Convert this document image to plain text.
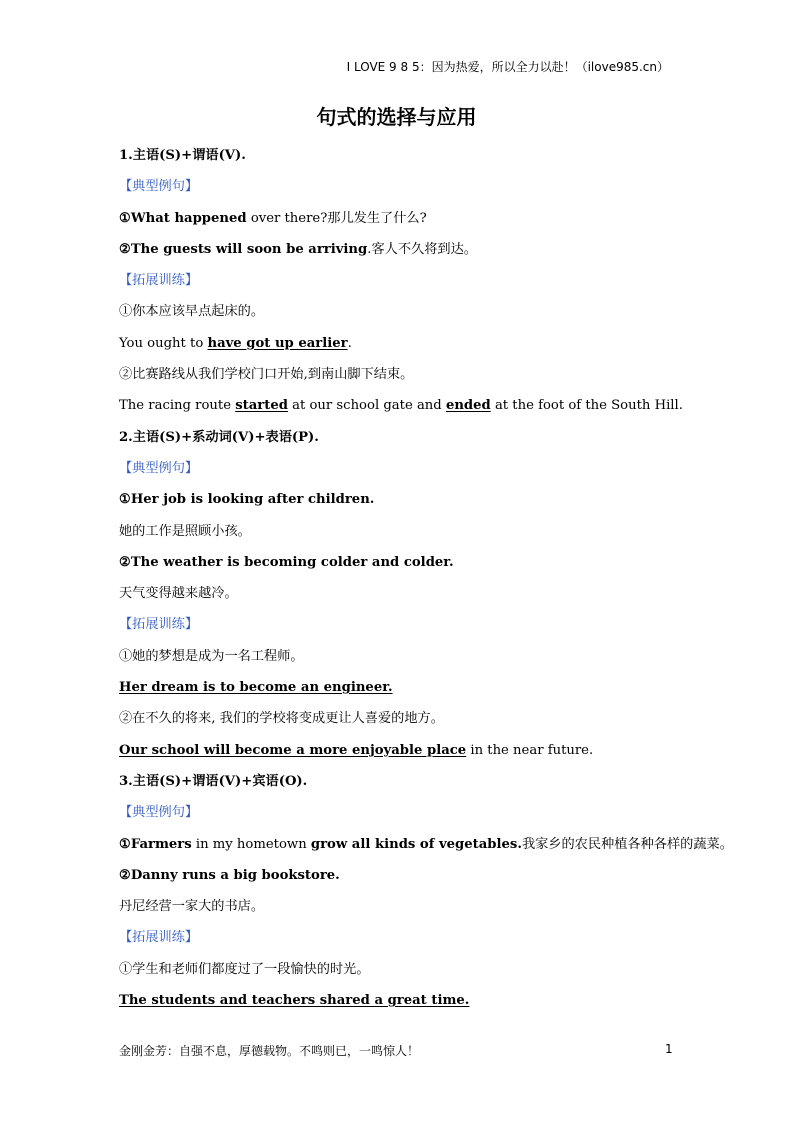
I LOVE 9 8 5：因为热爱，所以全力以赴！（ilove985.cn）
句式的选择与应用
1.主语(S)+谓语(V).
【典型例句】
①What happened over there?那儿发生了什么?
②The guests will soon be arriving.客人不久将到达。
【拓展训练】
①你本应该早点起床的。
You ought to have got up earlier.
②比赛路线从我们学校门口开始,到南山脚下结束。
The racing route started at our school gate and ended at the foot of the South Hill.
2.主语(S)+系动词(V)+表语(P).
【典型例句】
①Her job is looking after children.
她的工作是照顾小孩。
②The weather is becoming colder and colder.
天气变得越来越冷。
【拓展训练】
①她的梦想是成为一名工程师。
Her dream is to become an engineer.
②在不久的将来, 我们的学校将变成更让人喜爱的地方。
Our school will become a more enjoyable place in the near future.
3.主语(S)+谓语(V)+宾语(O).
【典型例句】
①Farmers in my hometown grow all kinds of vegetables.我家乡的农民种植各种各样的蔬菜。
②Danny runs a big bookstore.
丹尼经营一家大的书店。
【拓展训练】
①学生和老师们都度过了一段愉快的时光。
The students and teachers shared a great time.
金刚金芳：自强不息，厚德载物。不鸣则已，一鸣惊人！	1
